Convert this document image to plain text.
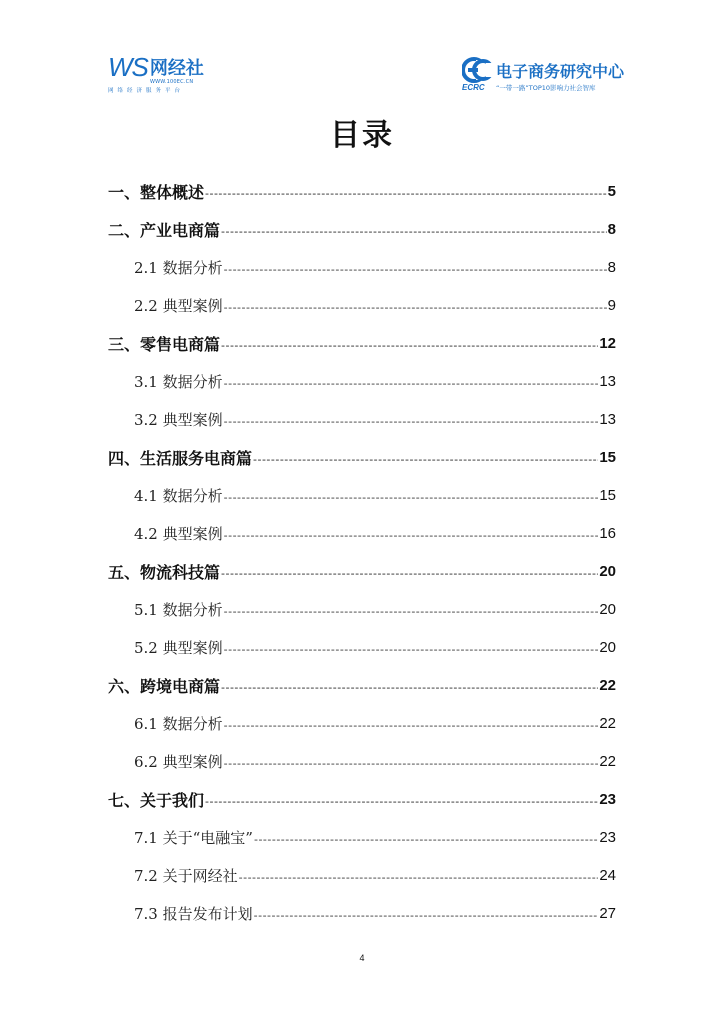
WS 网经社
WWW.100EC.CN
网络经济服务平台	ECRC
电子商务研究中心
“一带一路”TOP10影响力社会智库
目录
一、整体概述 -----	5
二、产业电商篇 -----	8
2.1 数据分析 -----	8
2.2 典型案例 -----	9
三、零售电商篇 -----	12
3.1 数据分析 -----	13
3.2 典型案例 -----	13
四、生活服务电商篇 -----	15
4.1 数据分析 -----	15
4.2 典型案例 -----	16
五、物流科技篇 -----	20
5.1 数据分析 -----	20
5.2 典型案例 -----	20
六、跨境电商篇 -----	22
6.1 数据分析 -----	22
6.2 典型案例 -----	22
七、关于我们 -----	23
7.1 关于“电融宝” -----	23
7.2 关于网经社 -----	24
7.3 报告发布计划 -----	27
4
